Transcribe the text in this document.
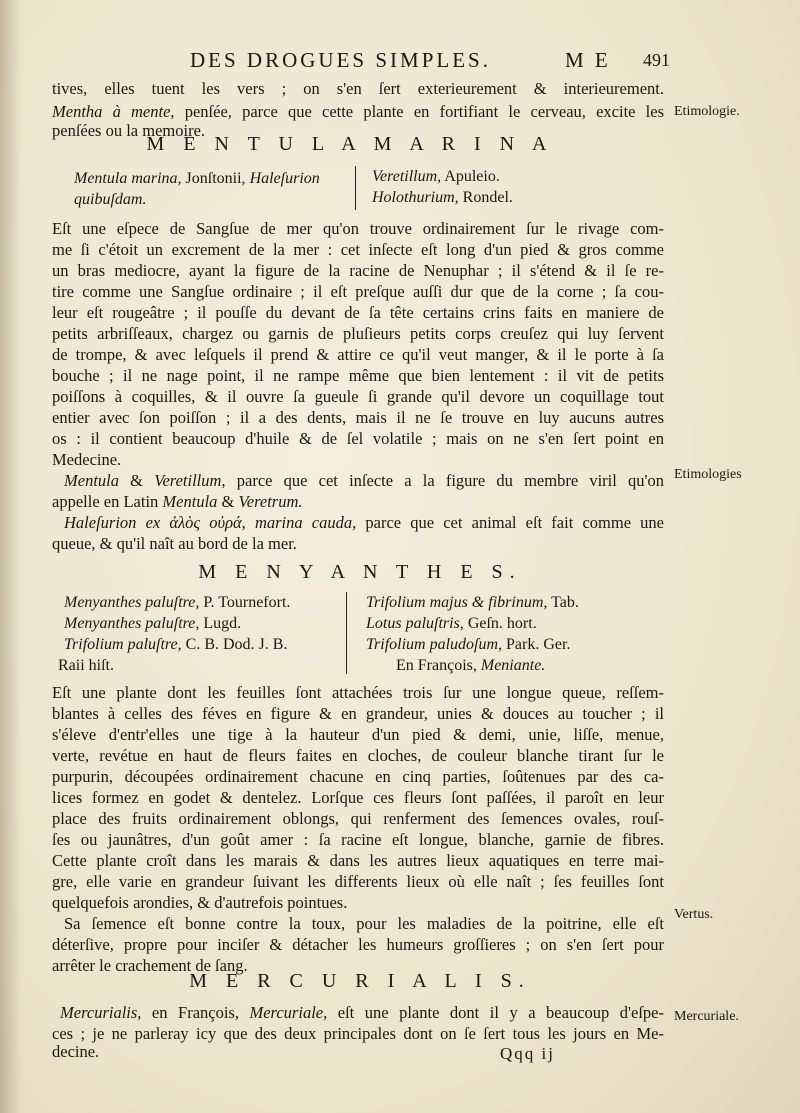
DES DROGUES SIMPLES.	M E 491
tives, elles tuent les vers ; on s'en ſert exterieurement & interieurement.
Mentha à mente, penſée, parce que cette plante en fortifiant le cerveau, excite les
penſées ou la memoire.
Etimologie.
M E N T U L A M A R I N A

Mentula marina, Jonſtonii, Haleſurion

quibuſdam.

Veretillum, Apuleio.

Holothurium, Rondel.

Eſt une eſpece de Sangſue de mer qu'on trouve ordinairement ſur le rivage com-
me ſi c'étoit un excrement de la mer : cet inſecte eſt long d'un pied & gros comme
un bras mediocre, ayant la figure de la racine de Nenuphar ; il s'étend & il ſe re-
tire comme une Sangſue ordinaire ; il eſt preſque auſſi dur que de la corne ; ſa cou-
leur eſt rougeâtre ; il pouſſe du devant de ſa tête certains crins faits en maniere de
petits arbriſſeaux, chargez ou garnis de pluſieurs petits corps creuſez qui luy ſervent
de trompe, & avec leſquels il prend & attire ce qu'il veut manger, & il le porte à ſa
bouche ; il ne nage point, il ne rampe même que bien lentement : il vit de petits
poiſſons à coquilles, & il ouvre ſa gueule ſi grande qu'il devore un coquillage tout
entier avec ſon poiſſon ; il a des dents, mais il ne ſe trouve en luy aucuns autres
os : il contient beaucoup d'huile & de ſel volatile ; mais on ne s'en ſert point en
Medecine.
Mentula & Veretillum, parce que cet inſecte a la figure du membre viril qu'on
appelle en Latin Mentula & Veretrum.
Etimologies
Haleſurion ex ἀλὸς οὐρά, marina cauda, parce que cet animal eſt fait comme une
queue, & qu'il naît au bord de la mer.
M E N Y A N T H E S.

Menyanthes paluſtre, P. Tournefort.

Menyanthes paluſtre, Lugd.

Trifolium paluſtre, C. B. Dod. J. B.

Raii hiſt.

Trifolium majus & fibrinum, Tab.

Lotus paluſtris, Geſn. hort.

Trifolium paludoſum, Park. Ger.

En François, Meniante.

Eſt une plante dont les feuilles ſont attachées trois ſur une longue queue, reſſem-
blantes à celles des féves en figure & en grandeur, unies & douces au toucher ; il
s'éleve d'entr'elles une tige à la hauteur d'un pied & demi, unie, liſſe, menue,
verte, revétue en haut de fleurs faites en cloches, de couleur blanche tirant ſur le
purpurin, découpées ordinairement chacune en cinq parties, ſoûtenues par des ca-
lices formez en godet & dentelez. Lorſque ces fleurs ſont paſſées, il paroît en leur
place des fruits ordinairement oblongs, qui renferment des ſemences ovales, rouſ-
ſes ou jaunâtres, d'un goût amer : ſa racine eſt longue, blanche, garnie de fibres.
Cette plante croît dans les marais & dans les autres lieux aquatiques en terre mai-
gre, elle varie en grandeur ſuivant les differents lieux où elle naît ; ſes feuilles ſont
quelquefois arondies, & d'autrefois pointues.
Sa ſemence eſt bonne contre la toux, pour les maladies de la poitrine, elle eſt
déterſive, propre pour inciſer & détacher les humeurs groſſieres ; on s'en ſert pour
arrêter le crachement de ſang.
Vertus.
M E R C U R I A L I S.
Mercurialis, en François, Mercuriale, eſt une plante dont il y a beaucoup d'eſpe-
ces ; je ne parleray icy que des deux principales dont on ſe ſert tous les jours en Me-
decine.
Mercuriale.
Qqq ij
